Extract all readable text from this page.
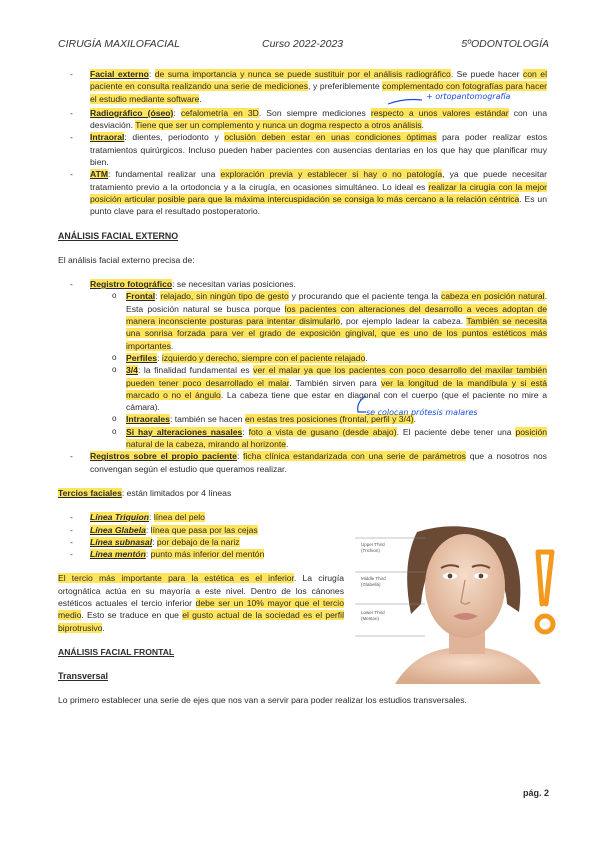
CIRUGÍA MAXILOFACIAL	Curso 2022-2023	5ºODONTOLOGÍA
- Facial externo: de suma importancia y nunca se puede sustituir por el análisis radiográfico. Se puede hacer con el paciente en consulta realizando una serie de mediciones, y preferiblemente complementado con fotografías para hacer el estudio mediante software.
- Radiográfico (óseo): cefalometría en 3D. Son siempre mediciones respecto a unos valores estándar con una desviación. Tiene que ser un complemento y nunca un dogma respecto a otros análisis.
- Intraoral: dientes, periodonto y oclusión deben estar en unas condiciones óptimas para poder realizar estos tratamientos quirúrgicos. Incluso pueden haber pacientes con ausencias dentarias en los que hay que planificar muy bien.
- ATM: fundamental realizar una exploración previa y establecer si hay o no patología, ya que puede necesitar tratamiento previo a la ortodoncia y a la cirugía, en ocasiones simultáneo. Lo ideal es realizar la cirugía con la mejor posición articular posible para que la máxima intercuspidación se consiga lo más cercano a la relación céntrica. Es un punto clave para el resultado postoperatorio.
ANÁLISIS FACIAL EXTERNO
El análisis facial externo precisa de:
- Registro fotográfico: se necesitan varias posiciones.
o Frontal: relajado, sin ningún tipo de gesto y procurando que el paciente tenga la cabeza en posición natural. Esta posición natural se busca porque los pacientes con alteraciones del desarrollo a veces adoptan de manera inconsciente posturas para intentar disimularlo, por ejemplo ladear la cabeza. También se necesita una sonrisa forzada para ver el grado de exposición gingival, que es uno de los puntos estéticos más importantes.
o Perfiles: izquierdo y derecho, siempre con el paciente relajado.
o 3/4: la finalidad fundamental es ver el malar ya que los pacientes con poco desarrollo del maxilar también pueden tener poco desarrollado el malar. También sirven para ver la longitud de la mandíbula y si está marcado o no el ángulo. La cabeza tiene que estar en diagonal con el cuerpo (que el paciente no mire a cámara).
o Intraorales: también se hacen en estas tres posiciones (frontal, perfil y 3/4).
o Si hay alteraciones nasales: foto a vista de gusano (desde abajo). El paciente debe tener una posición natural de la cabeza, mirando al horizonte.
- Registros sobre el propio paciente: ficha clínica estandarizada con una serie de parámetros que a nosotros nos convengan según el estudio que queramos realizar.
Tercios faciales: están limitados por 4 líneas
- Línea Triquion: línea del pelo
- Línea Glabela: línea que pasa por las cejas
- Línea subnasal: por debajo de la nariz
- Línea mentón: punto más inferior del mentón
El tercio más importante para la estética es el inferior. La cirugía ortognática actúa en su mayoría a este nivel. Dentro de los cánones estéticos actuales el tercio inferior debe ser un 10% mayor que el tercio medio. Esto se traduce en que el gusto actual de la sociedad es el perfil biprotrusivo.
ANÁLISIS FACIAL FRONTAL
Transversal
Lo primero establecer una serie de ejes que nos van a servir para poder realizar los estudios transversales.
+ ortopantomografía
se colocan prótesis malares
Upper Third (Trichion)
Middle Third (Glabella)
Lower Third (Menton)
pág. 2
